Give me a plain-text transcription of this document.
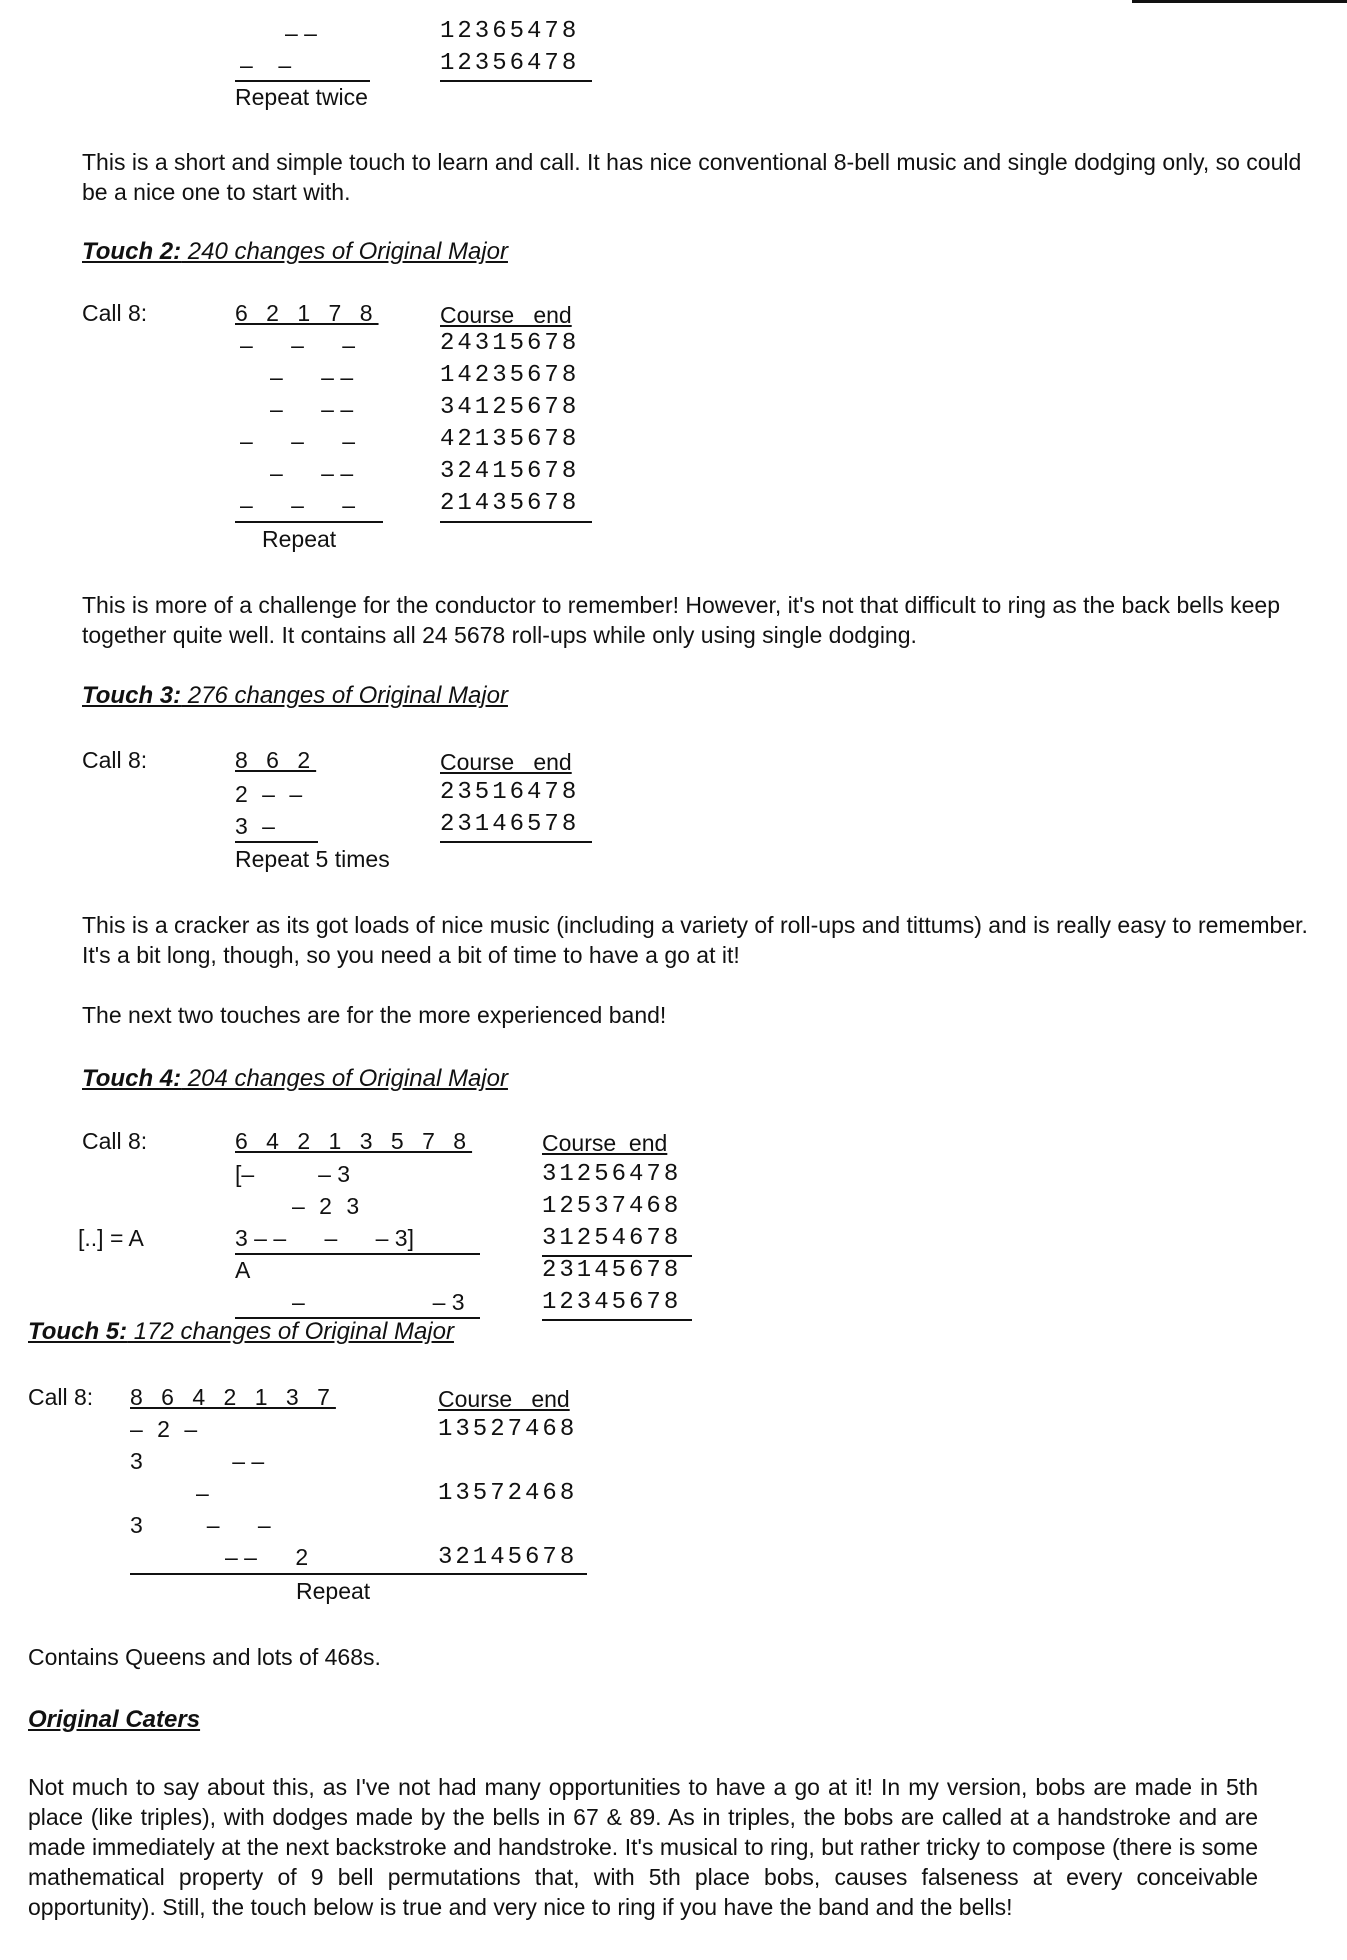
– –	12365478
–    –	12356478
Repeat twice
This is a short and simple touch to learn and call. It has nice conventional 8-bell music and single dodging only, so could be a nice one to start with.
Touch 2: 240 changes of Original Major
Call 8:	6 2 1 7 8	Course   end
–      –      –	24315678
–      – –	14235678
–      – –	34125678
–      –      –	42135678
–      – –	32415678
–      –      –	21435678
Repeat
This is more of a challenge for the conductor to remember! However, it's not that difficult to ring as the back bells keep together quite well. It contains all 24 5678 roll-ups while only using single dodging.
Touch 3: 276 changes of Original Major
Call 8:	8 6 2	Course   end
2 – –	23516478
3 –	23146578
Repeat 5 times
This is a cracker as its got loads of nice music (including a variety of roll-ups and tittums) and is really easy to remember. It's a bit long, though, so you need a bit of time to have a go at it!
The next two touches are for the more experienced band!
Touch 4: 204 changes of Original Major
Call 8:	6 4 2 1 3 5 7 8	Course  end
[–          – 3	31256478
– 2 3	12537468
[..] = A	3 – –      –      – 3]	31254678
A	23145678
–                    – 3	12345678
Touch 5: 172 changes of Original Major
Call 8: 8 6 4 2 1 3 7	Course   end
– 2 –	13527468
3              – –
–	13572468
3          –      –
– –      2	32145678
Repeat
Contains Queens and lots of 468s.
Original Caters
Not much to say about this, as I've not had many opportunities to have a go at it! In my version, bobs are made in 5th place (like triples), with dodges made by the bells in 67 & 89. As in triples, the bobs are called at a handstroke and are made immediately at the next backstroke and handstroke. It's musical to ring, but rather tricky to compose (there is some mathematical property of 9 bell permutations that, with 5th place bobs, causes falseness at every conceivable opportunity). Still, the touch below is true and very nice to ring if you have the band and the bells!
